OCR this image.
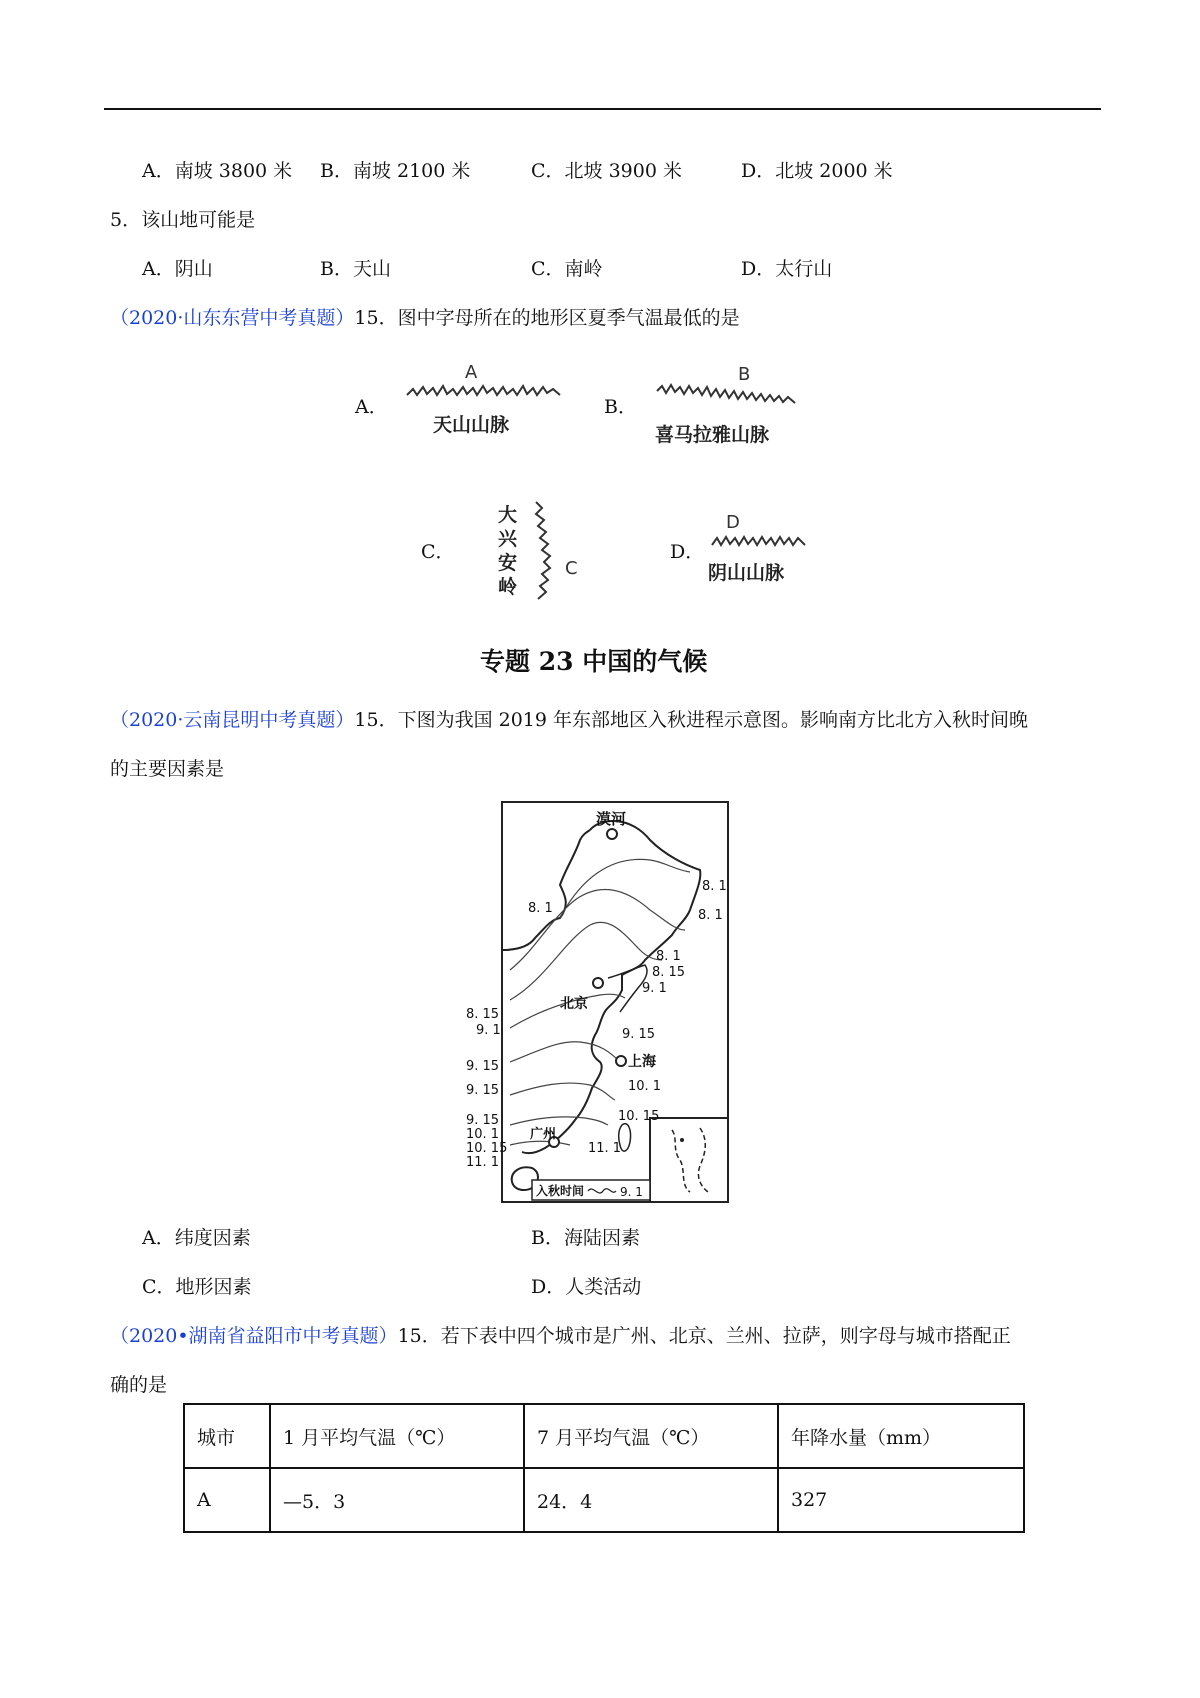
A．南坡 3800 米 B．南坡 2100 米	C．北坡 3900 米	D．北坡 2000 米
5．该山地可能是
A．阴山	B．天山	C．南岭	D．太行山
（2020·山东东营中考真题）15．图中字母所在的地形区夏季气温最低的是
A．
A
天山山脉
B．
B
喜马拉雅山脉
C．
大兴安岭
C
D．
D
阴山山脉
专题 23 中国的气候
（2020·云南昆明中考真题）15．下图为我国 2019 年东部地区入秋进程示意图。影响南方比北方入秋时间晚
的主要因素是
漠河
北京
上海
广州
入秋时间	9. 1
8. 1
8. 1
8. 1
8. 1
8. 15
9. 1
8. 15
9. 1	9. 15
9. 15
9. 15	10. 1
10. 15
9. 15
10. 1
10. 15
11. 1
11. 1
A．纬度因素	B．海陆因素
C．地形因素	D．人类活动
（2020•湖南省益阳市中考真题）15．若下表中四个城市是广州、北京、兰州、拉萨，则字母与城市搭配正
确的是
城市	1 月平均气温（℃）	7 月平均气温（℃）	年降水量（mm）
A	—5．3	24．4	327
